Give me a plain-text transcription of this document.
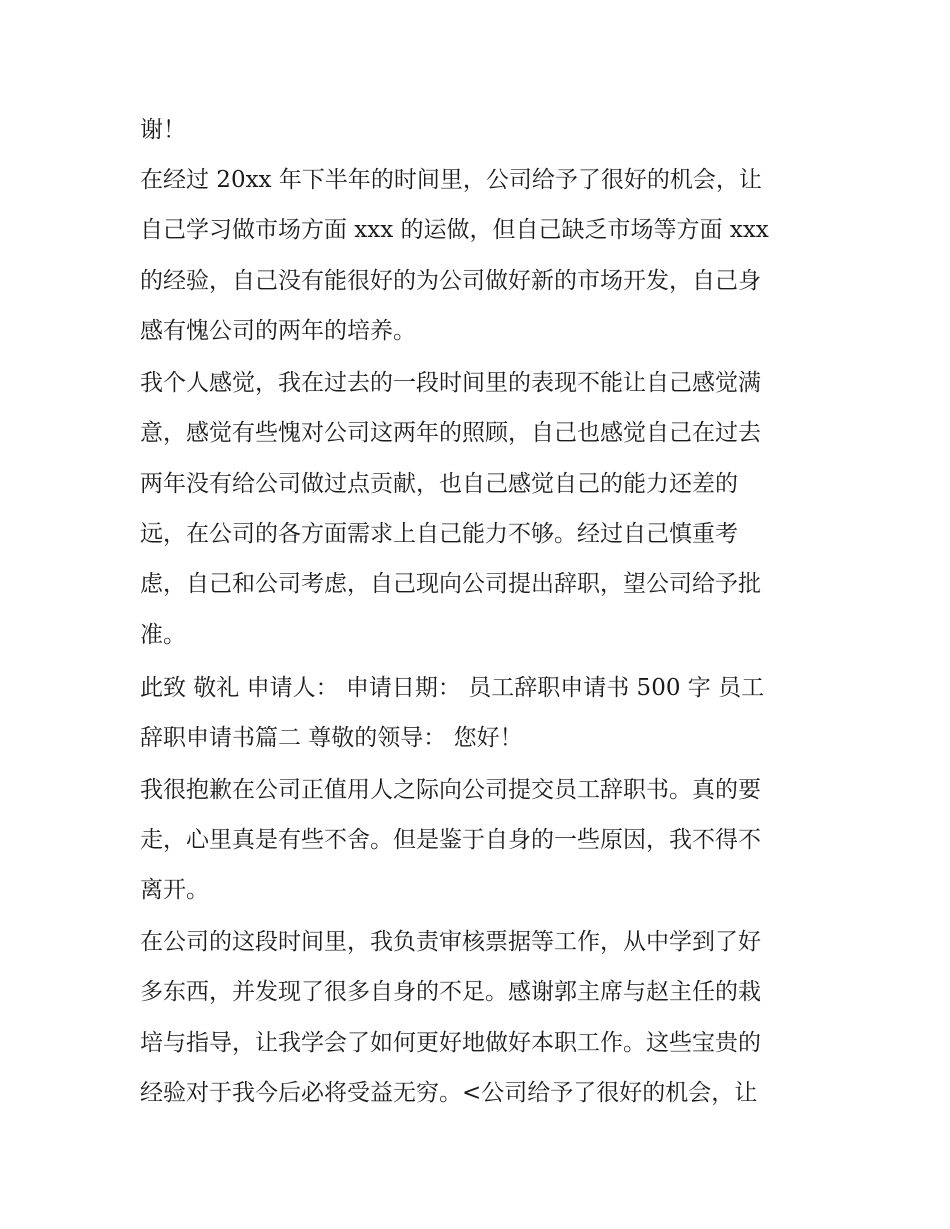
谢！

在经过 20xx 年下半年的时间里，公司给予了很好的机会，让

自己学习做市场方面 xxx 的运做，但自己缺乏市场等方面 xxx

的经验，自己没有能很好的为公司做好新的市场开发，自己身

感有愧公司的两年的培养。

我个人感觉，我在过去的一段时间里的表现不能让自己感觉满

意，感觉有些愧对公司这两年的照顾，自己也感觉自己在过去

两年没有给公司做过点贡献，也自己感觉自己的能力还差的

远，在公司的各方面需求上自己能力不够。经过自己慎重考

虑，自己和公司考虑，自己现向公司提出辞职，望公司给予批

准。

此致 敬礼 申请人： 申请日期： 员工辞职申请书 500 字 员工

辞职申请书篇二 尊敬的领导： 您好！

我很抱歉在公司正值用人之际向公司提交员工辞职书。真的要

走，心里真是有些不舍。但是鉴于自身的一些原因，我不得不

离开。

在公司的这段时间里，我负责审核票据等工作，从中学到了好

多东西，并发现了很多自身的不足。感谢郭主席与赵主任的栽

培与指导，让我学会了如何更好地做好本职工作。这些宝贵的

经验对于我今后必将受益无穷。<公司给予了很好的机会，让
